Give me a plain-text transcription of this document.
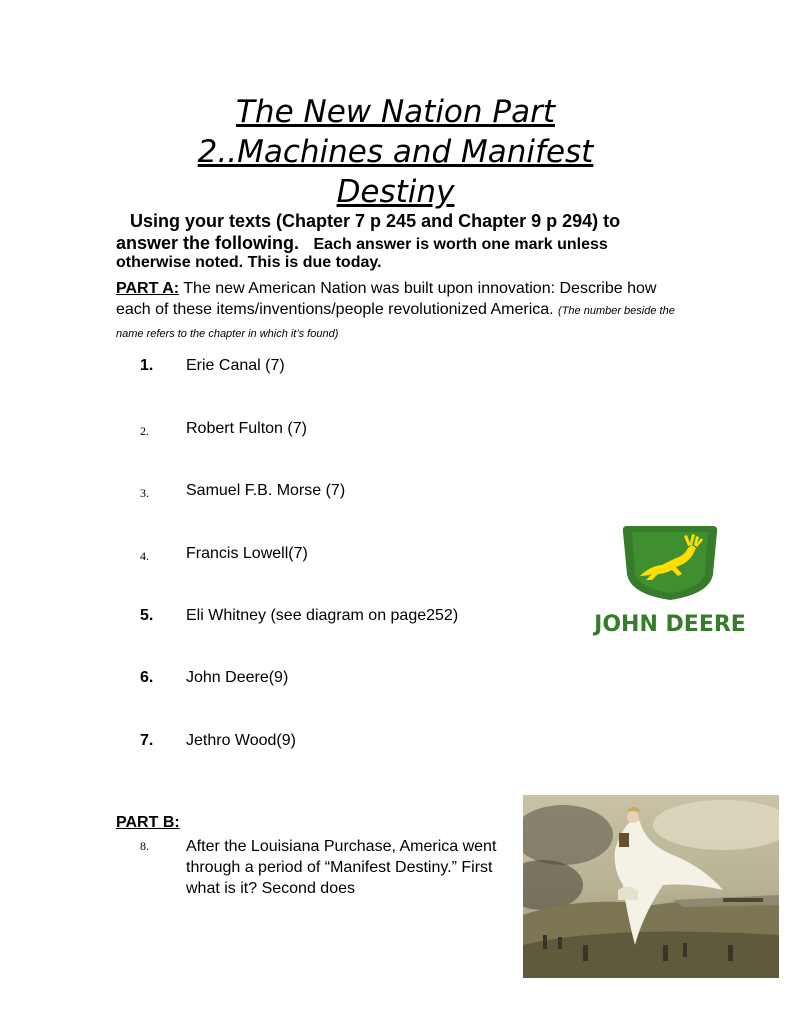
The New Nation Part
2..Machines and Manifest
Destiny
Using your texts (Chapter 7 p 245 and Chapter 9 p 294) to answer the following. Each answer is worth one mark unless otherwise noted. This is due today.
PART A: The new American Nation was built upon innovation: Describe how each of these items/inventions/people revolutionized America. (The number beside the name refers to the chapter in which it’s found)
1. Erie Canal (7)
2. Robert Fulton (7)
3. Samuel F.B. Morse (7)
4. Francis Lowell(7)
5. Eli Whitney (see diagram on page252)
6. John Deere(9)
7. Jethro Wood(9)
JOHN DEERE
PART B:
8. After the Louisiana Purchase, America went through a period of “Manifest Destiny.” First what is it? Second does
